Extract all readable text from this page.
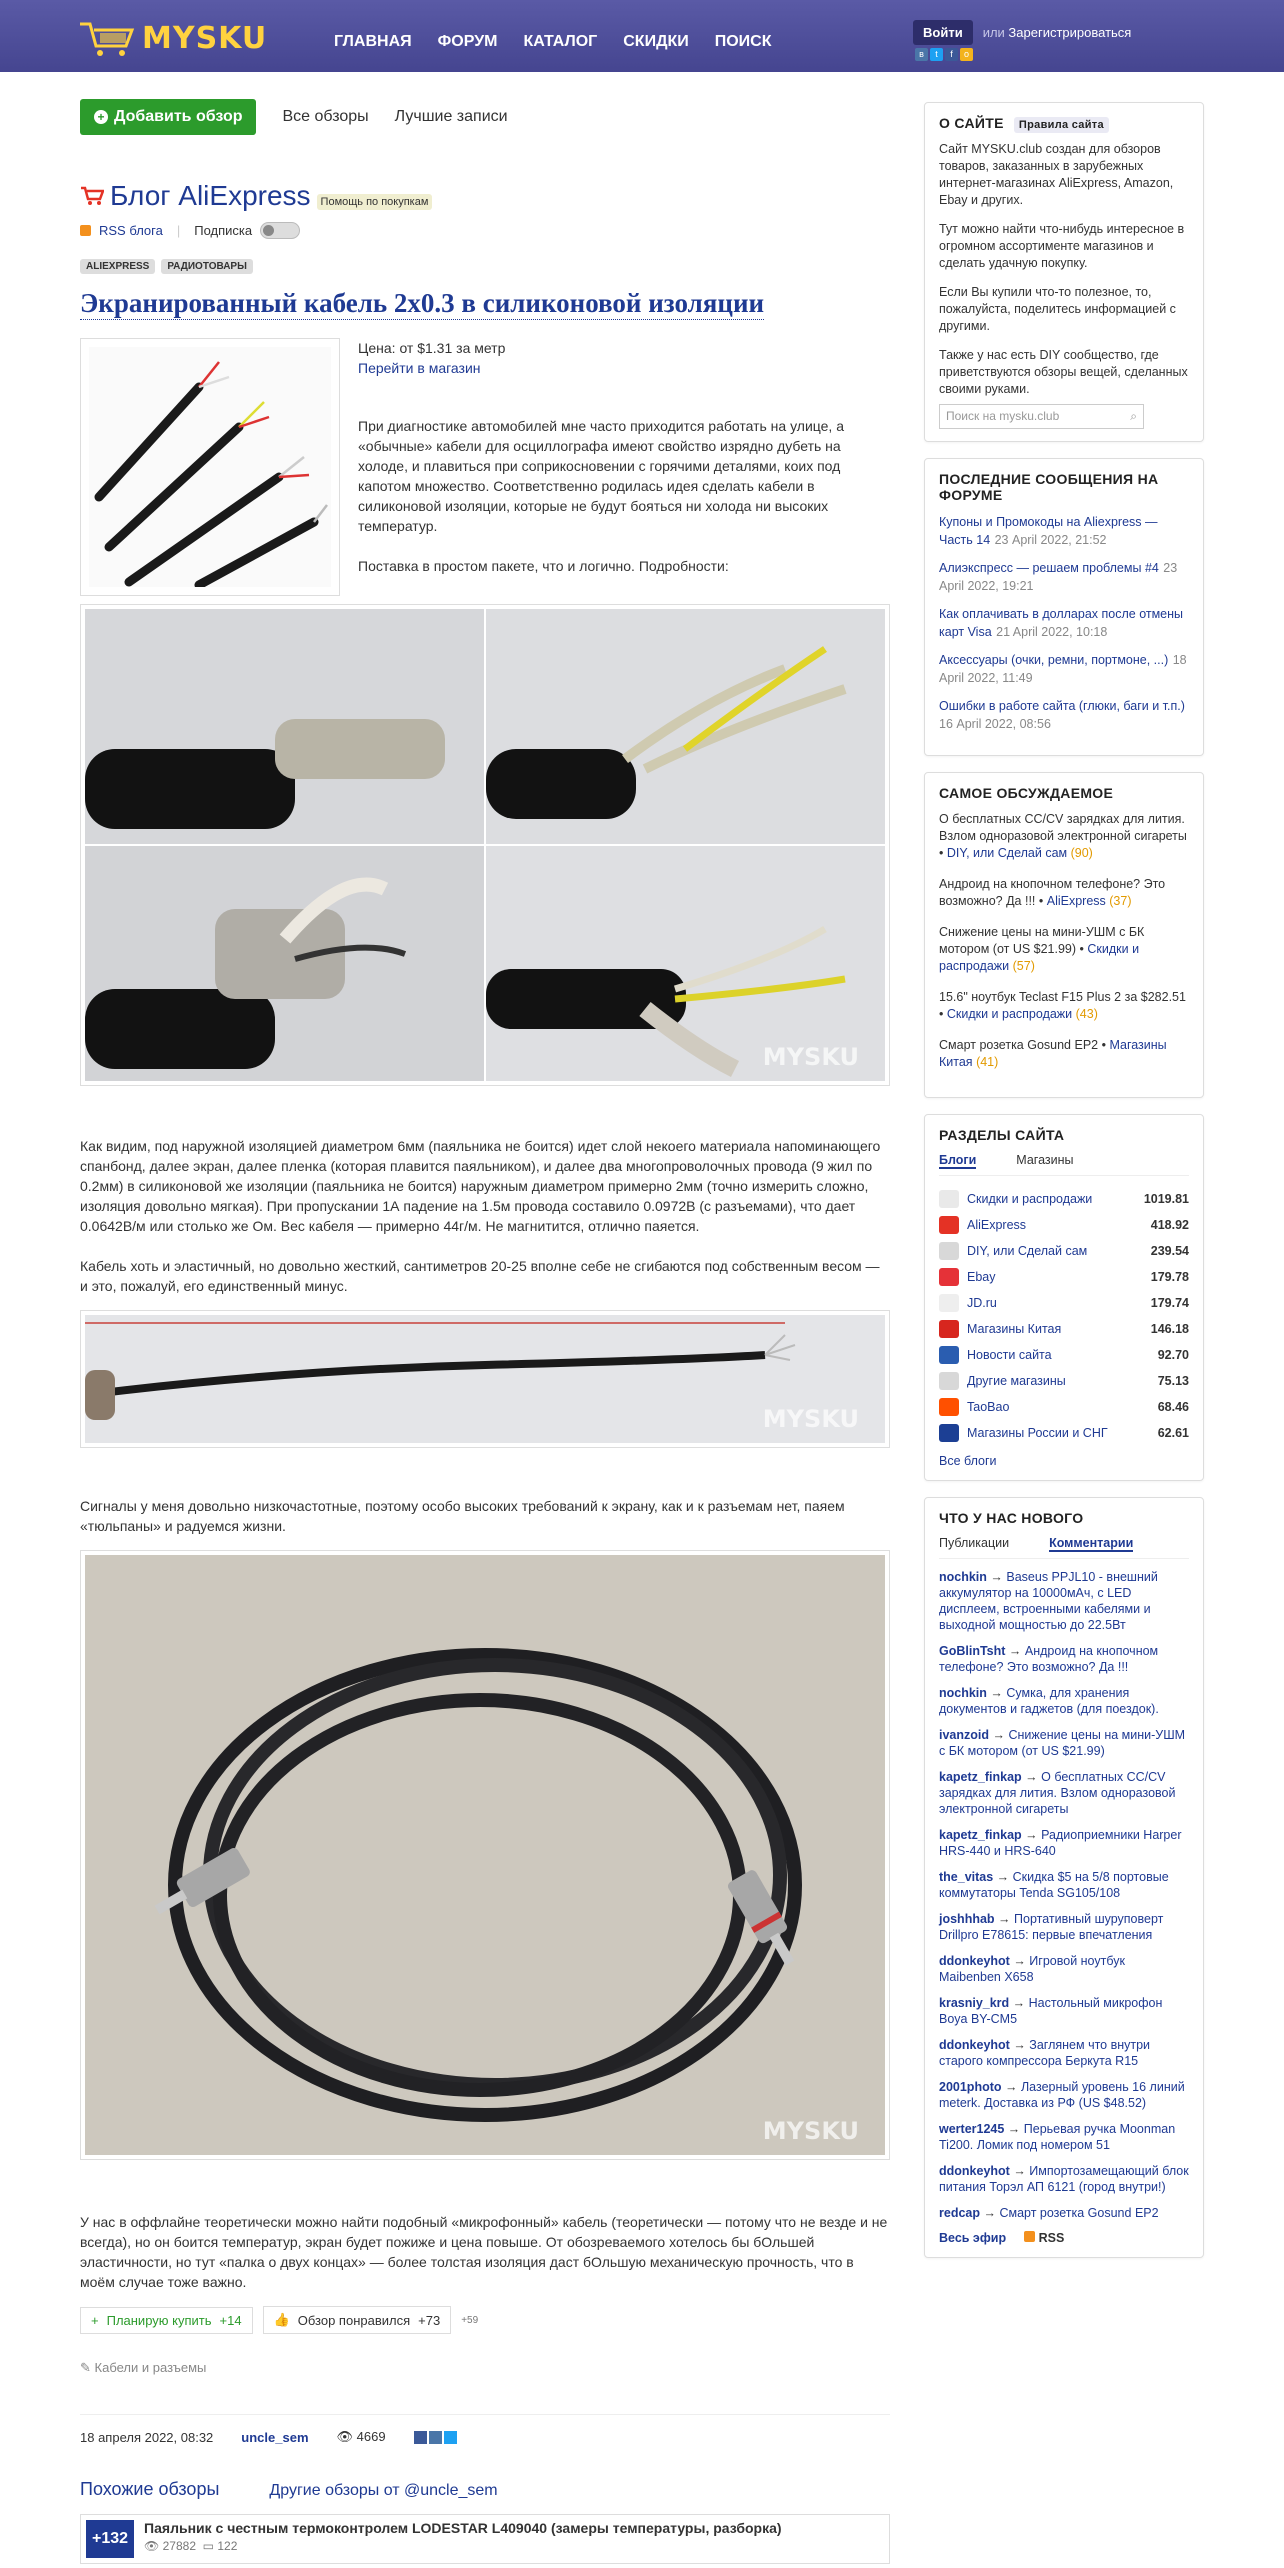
MYSKU	ГЛАВНАЯ ФОРУМ КАТАЛОГ СКИДКИ ПОИСК
Войти	или
Зарегистрироваться
в	t	f	o
+ Добавить обзор	Все обзоры Лучшие записи
Блог AliExpress Помощь по покупкам
RSS блога | Подписка
ALIEXPRESS	РАДИОТОВАРЫ
Экранированный кабель 2x0.3 в силиконовой изоляции
Цена: от $1.31 за метр
Перейти в магазин

При диагностике автомобилей мне часто приходится работать на улице, а «обычные» кабели для осциллографа имеют свойство изрядно дубеть на холоде, и плавиться при соприкосновении с горячими деталями, коих под капотом множество. Соответственно родилась идея сделать кабели в силиконовой изоляции, которые не будут бояться ни холода ни высоких температур.

Поставка в простом пакете, что и логично. Подробности:

MYSKU

Как видим, под наружной изоляцией диаметром 6мм (паяльника не боится) идет слой некоего материала напоминающего спанбонд, далее экран, далее пленка (которая плавится паяльником), и далее два многопроволочных провода (9 жил по 0.2мм) в силиконовой же изоляции (паяльника не боится) наружным диаметром примерно 2мм (точно измерить сложно, изоляция довольно мягкая). При пропускании 1А падение на 1.5м провода составило 0.0972В (с разъемами), что дает 0.0642В/м или столько же Ом. Вес кабеля — примерно 44г/м. Не магнитится, отлично паяется.

Кабель хоть и эластичный, но довольно жесткий, сантиметров 20-25 вполне себе не сгибаются под собственным весом — и это, пожалуй, его единственный минус.

MYSKU

Сигналы у меня довольно низкочастотные, поэтому особо высоких требований к экрану, как и к разъемам нет, паяем «тюльпаны» и радуемся жизни.

MYSKU

У нас в оффлайне теоретически можно найти подобный «микрофонный» кабель (теоретически — потому что не везде и не всегда), но он боится температур, экран будет пожиже и цена повыше. От обозреваемого хотелось бы бОльшей эластичности, но тут «палка о двух концах» — более толстая изоляция даст бОльшую механическую прочность, что в моём случае тоже важно.

+ Планирую купить +14 👍 Обзор понравился +73 +59
✎ Кабели и разъемы
18 апреля 2022, 08:32 uncle_sem 👁 4669
Похожие обзоры	Другие обзоры от @uncle_sem
+132
Паяльник с честным термоконтролем LODESTAR L409040 (замеры температуры, разборка)
👁 27882 ▭ 122
О САЙТЕ Правила сайта

Сайт MYSKU.club создан для обзоров товаров, заказанных в зарубежных интернет-магазинах AliExpress, Amazon, Ebay и других.

Тут можно найти что-нибудь интересное в огромном ассортименте магазинов и сделать удачную покупку.

Если Вы купили что-то полезное, то, пожалуйста, поделитесь информацией с другими.

Также у нас есть DIY сообщество, где приветствуются обзоры вещей, сделанных своими руками.

Поиск на mysku.club	⌕
ПОСЛЕДНИЕ СООБЩЕНИЯ НА ФОРУМЕ
Купоны и Промокоды на Aliexpress — Часть 14 23 April 2022, 21:52
Алиэкспресс — решаем проблемы #4 23 April 2022, 19:21
Как оплачивать в долларах после отмены карт Visa 21 April 2022, 10:18
Аксессуары (очки, ремни, портмоне, ...) 18 April 2022, 11:49
Ошибки в работе сайта (глюки, баги и т.п.) 16 April 2022, 08:56
САМОЕ ОБСУЖДАЕМОЕ
О бесплатных CC/CV зарядках для лития. Взлом одноразовой электронной сигареты • DIY, или Сделай сам (90)
Андроид на кнопочном телефоне? Это возможно? Да !!! • AliExpress (37)
Снижение цены на мини-УШМ с БК мотором (от US $21.99) • Скидки и распродажи (57)
15.6" ноутбук Teclast F15 Plus 2 за $282.51 • Скидки и распродажи (43)
Смарт розетка Gosund EP2 • Магазины Китая (41)
РАЗДЕЛЫ САЙТА
Блоги	Магазины
Скидки и распродажи	1019.81
AliExpress	418.92
DIY, или Сделай сам	239.54
Ebay	179.78
JD.ru	179.74
Магазины Китая	146.18
Новости сайта	92.70
Другие магазины	75.13
TaoBao	68.46
Магазины России и СНГ	62.61
Все блоги
ЧТО У НАС НОВОГО
Публикации	Комментарии
nochkin → Baseus PPJL10 - внешний аккумулятор на 10000мАч, с LED дисплеем, встроенными кабелями и выходной мощностью до 22.5Вт
GoBlinTsht → Андроид на кнопочном телефоне? Это возможно? Да !!!
nochkin → Сумка, для хранения документов и гаджетов (для поездок).
ivanzoid → Снижение цены на мини-УШМ с БК мотором (от US $21.99)
kapetz_finkap → О бесплатных CC/CV зарядках для лития. Взлом одноразовой электронной сигареты
kapetz_finkap → Радиоприемники Harper HRS-440 и HRS-640
the_vitas → Скидка $5 на 5/8 портовые коммутаторы Tenda SG105/108
joshhhab → Портативный шуруповерт Drillpro E78615: первые впечатления
ddonkeyhot → Игровой ноутбук Maibenben X658
krasniy_krd → Настольный микрофон Boya BY-CM5
ddonkeyhot → Заглянем что внутри старого компрессора Беркута R15
2001photo → Лазерный уровень 16 линий meterk. Доставка из РФ (US $48.52)
werter1245 → Перьевая ручка Moonman Ti200. Ломик под номером 51
ddonkeyhot → Импортозамещающий блок питания Торэл АП 6121 (город внутри!)
redcap → Смарт розетка Gosund EP2
Весь эфир	RSS
